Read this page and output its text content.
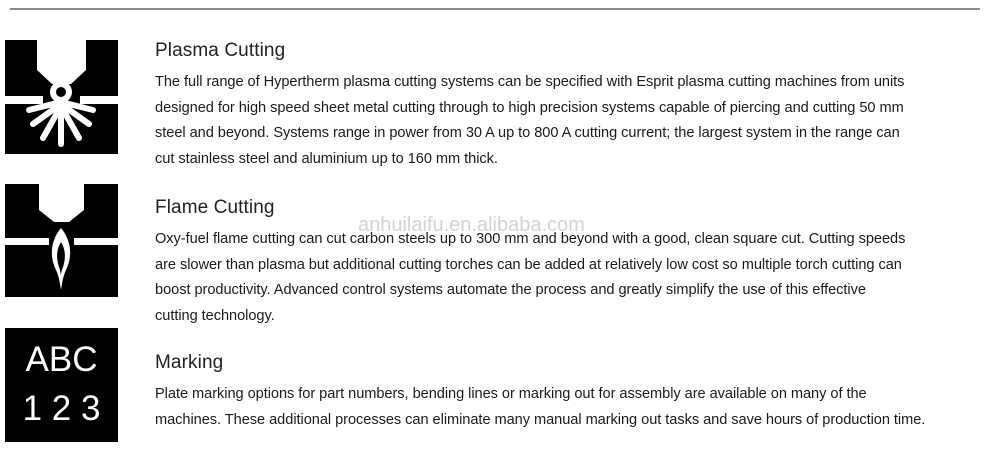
Plasma Cutting
The full range of Hypertherm plasma cutting systems can be specified with Esprit plasma cutting machines from units
designed for high speed sheet metal cutting through to high precision systems capable of piercing and cutting 50 mm
steel and beyond. Systems range in power from 30 A up to 800 A cutting current; the largest system in the range can
cut stainless steel and aluminium up to 160 mm thick.
Flame Cutting
Oxy-fuel flame cutting can cut carbon steels up to 300 mm and beyond with a good, clean square cut. Cutting speeds
are slower than plasma but additional cutting torches can be added at relatively low cost so multiple torch cutting can
boost productivity. Advanced control systems automate the process and greatly simplify the use of this effective
cutting technology.
ABC
1 2 3
Marking
Plate marking options for part numbers, bending lines or marking out for assembly are available on many of the
machines. These additional processes can eliminate many manual marking out tasks and save hours of production time.
anhuilaifu.en.alibaba.com
